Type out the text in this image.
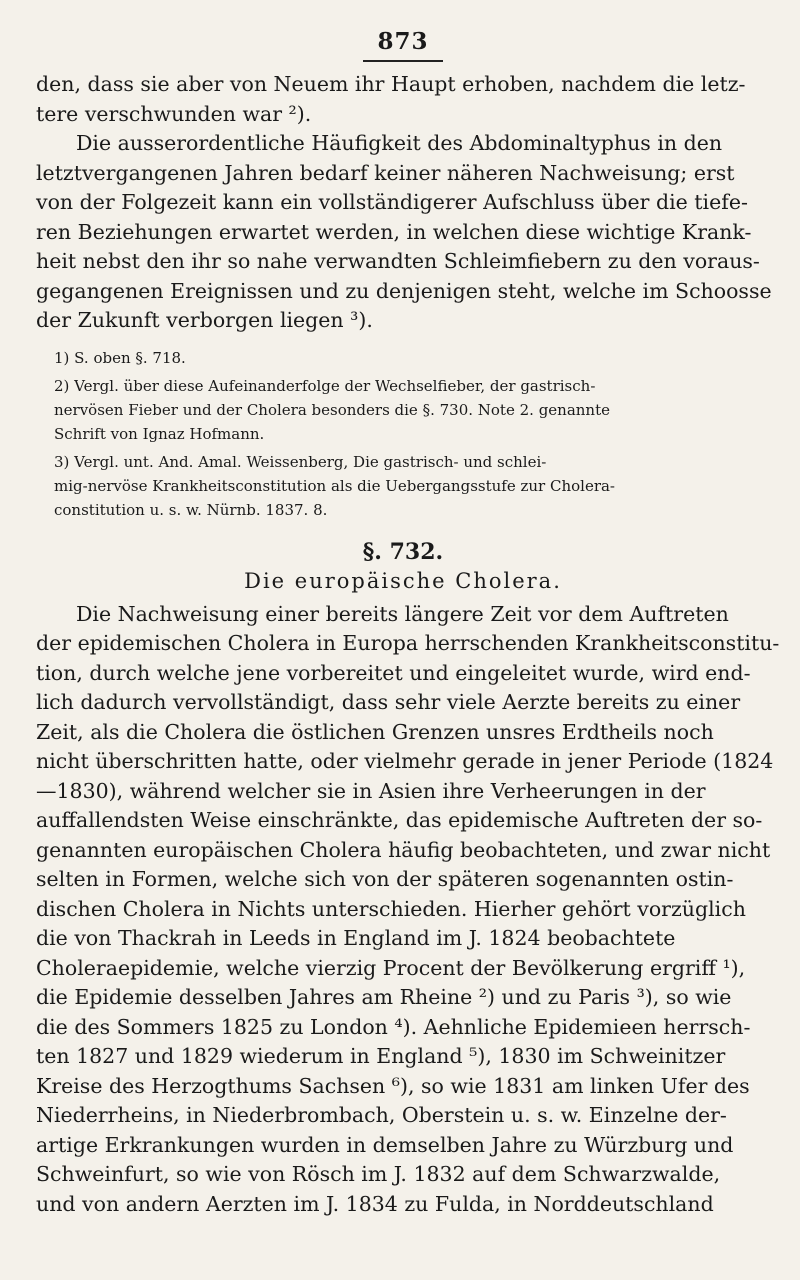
873

den, dass sie aber von Neuem ihr Haupt erhoben, nachdem die letz-
tere verschwunden war ²).

Die ausserordentliche Häufigkeit des Abdominaltyphus in den
letztvergangenen Jahren bedarf keiner näheren Nachweisung; erst
von der Folgezeit kann ein vollständigerer Aufschluss über die tiefe-
ren Beziehungen erwartet werden, in welchen diese wichtige Krank-
heit nebst den ihr so nahe verwandten Schleimfiebern zu den voraus-
gegangenen Ereignissen und zu denjenigen steht, welche im Schoosse
der Zukunft verborgen liegen ³).

1) S. oben §. 718.
2) Vergl. über diese Aufeinanderfolge der Wechselfieber, der gastrisch-
nervösen Fieber und der Cholera besonders die §. 730. Note 2. genannte
Schrift von Ignaz Hofmann.
3) Vergl. unt. And. Amal. Weissenberg, Die gastrisch- und schlei-
mig-nervöse Krankheitsconstitution als die Uebergangsstufe zur Cholera-
constitution u. s. w. Nürnb. 1837. 8.
§. 732.
Die europäische Cholera.

Die Nachweisung einer bereits längere Zeit vor dem Auftreten
der epidemischen Cholera in Europa herrschenden Krankheitsconstitu-
tion, durch welche jene vorbereitet und eingeleitet wurde, wird end-
lich dadurch vervollständigt, dass sehr viele Aerzte bereits zu einer
Zeit, als die Cholera die östlichen Grenzen unsres Erdtheils noch
nicht überschritten hatte, oder vielmehr gerade in jener Periode (1824
—1830), während welcher sie in Asien ihre Verheerungen in der
auffallendsten Weise einschränkte, das epidemische Auftreten der so-
genannten europäischen Cholera häufig beobachteten, und zwar nicht
selten in Formen, welche sich von der späteren sogenannten ostin-
dischen Cholera in Nichts unterschieden. Hierher gehört vorzüglich
die von Thackrah in Leeds in England im J. 1824 beobachtete
Choleraepidemie, welche vierzig Procent der Bevölkerung ergriff ¹),
die Epidemie desselben Jahres am Rheine ²) und zu Paris ³), so wie
die des Sommers 1825 zu London ⁴). Aehnliche Epidemieen herrsch-
ten 1827 und 1829 wiederum in England ⁵), 1830 im Schweinitzer
Kreise des Herzogthums Sachsen ⁶), so wie 1831 am linken Ufer des
Niederrheins, in Niederbrombach, Oberstein u. s. w. Einzelne der-
artige Erkrankungen wurden in demselben Jahre zu Würzburg und
Schweinfurt, so wie von Rösch im J. 1832 auf dem Schwarzwalde,
und von andern Aerzten im J. 1834 zu Fulda, in Norddeutschland
